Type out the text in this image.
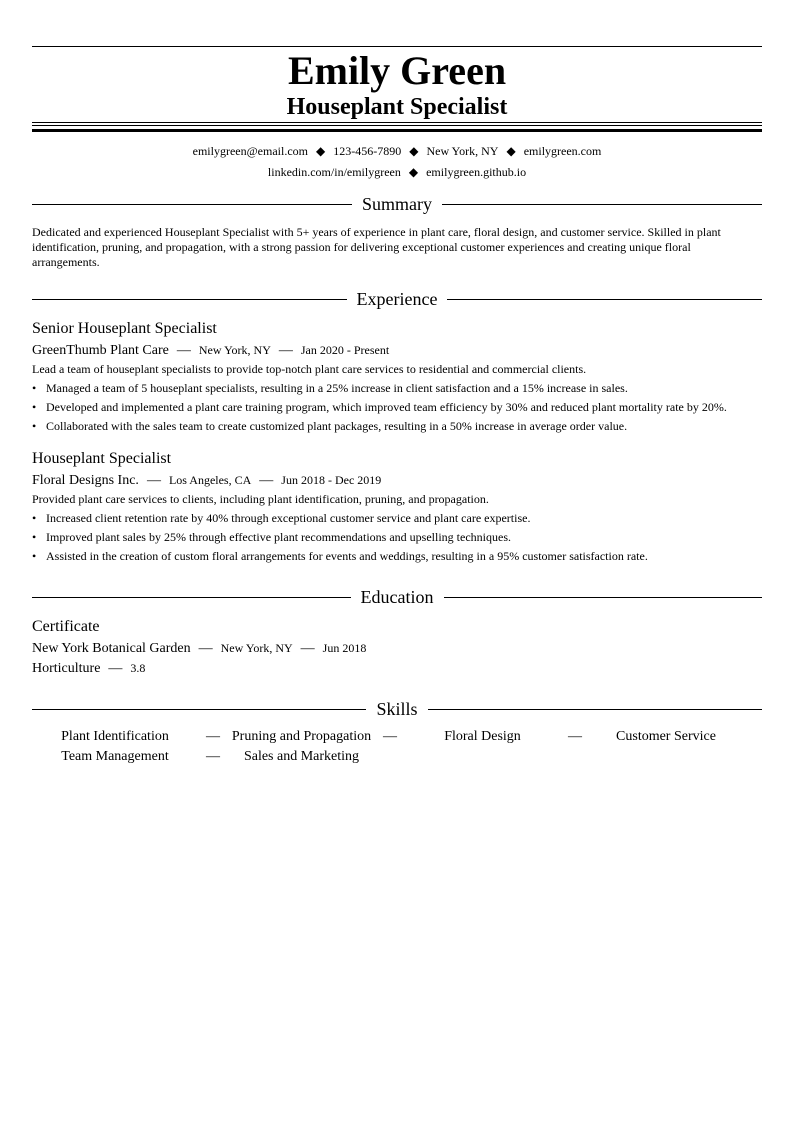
Emily Green
Houseplant Specialist
emilygreen@email.com ◆ 123-456-7890 ◆ New York, NY ◆ emilygreen.com
linkedin.com/in/emilygreen ◆ emilygreen.github.io
Summary
Dedicated and experienced Houseplant Specialist with 5+ years of experience in plant care, floral design, and customer service. Skilled in plant identification, pruning, and propagation, with a strong passion for delivering exceptional customer experiences and creating unique floral arrangements.
Experience
Senior Houseplant Specialist
GreenThumb Plant Care — New York, NY — Jan 2020 - Present
Lead a team of houseplant specialists to provide top-notch plant care services to residential and commercial clients.
• Managed a team of 5 houseplant specialists, resulting in a 25% increase in client satisfaction and a 15% increase in sales.
• Developed and implemented a plant care training program, which improved team efficiency by 30% and reduced plant mortality rate by 20%.
• Collaborated with the sales team to create customized plant packages, resulting in a 50% increase in average order value.
Houseplant Specialist
Floral Designs Inc. — Los Angeles, CA — Jun 2018 - Dec 2019
Provided plant care services to clients, including plant identification, pruning, and propagation.
• Increased client retention rate by 40% through exceptional customer service and plant care expertise.
• Improved plant sales by 25% through effective plant recommendations and upselling techniques.
• Assisted in the creation of custom floral arrangements for events and weddings, resulting in a 95% customer satisfaction rate.
Education
Certificate
New York Botanical Garden — New York, NY — Jun 2018
Horticulture — 3.8
Skills
Plant Identification	— Pruning and Propagation —	Floral Design	—	Customer Service
Team Management	—	Sales and Marketing
